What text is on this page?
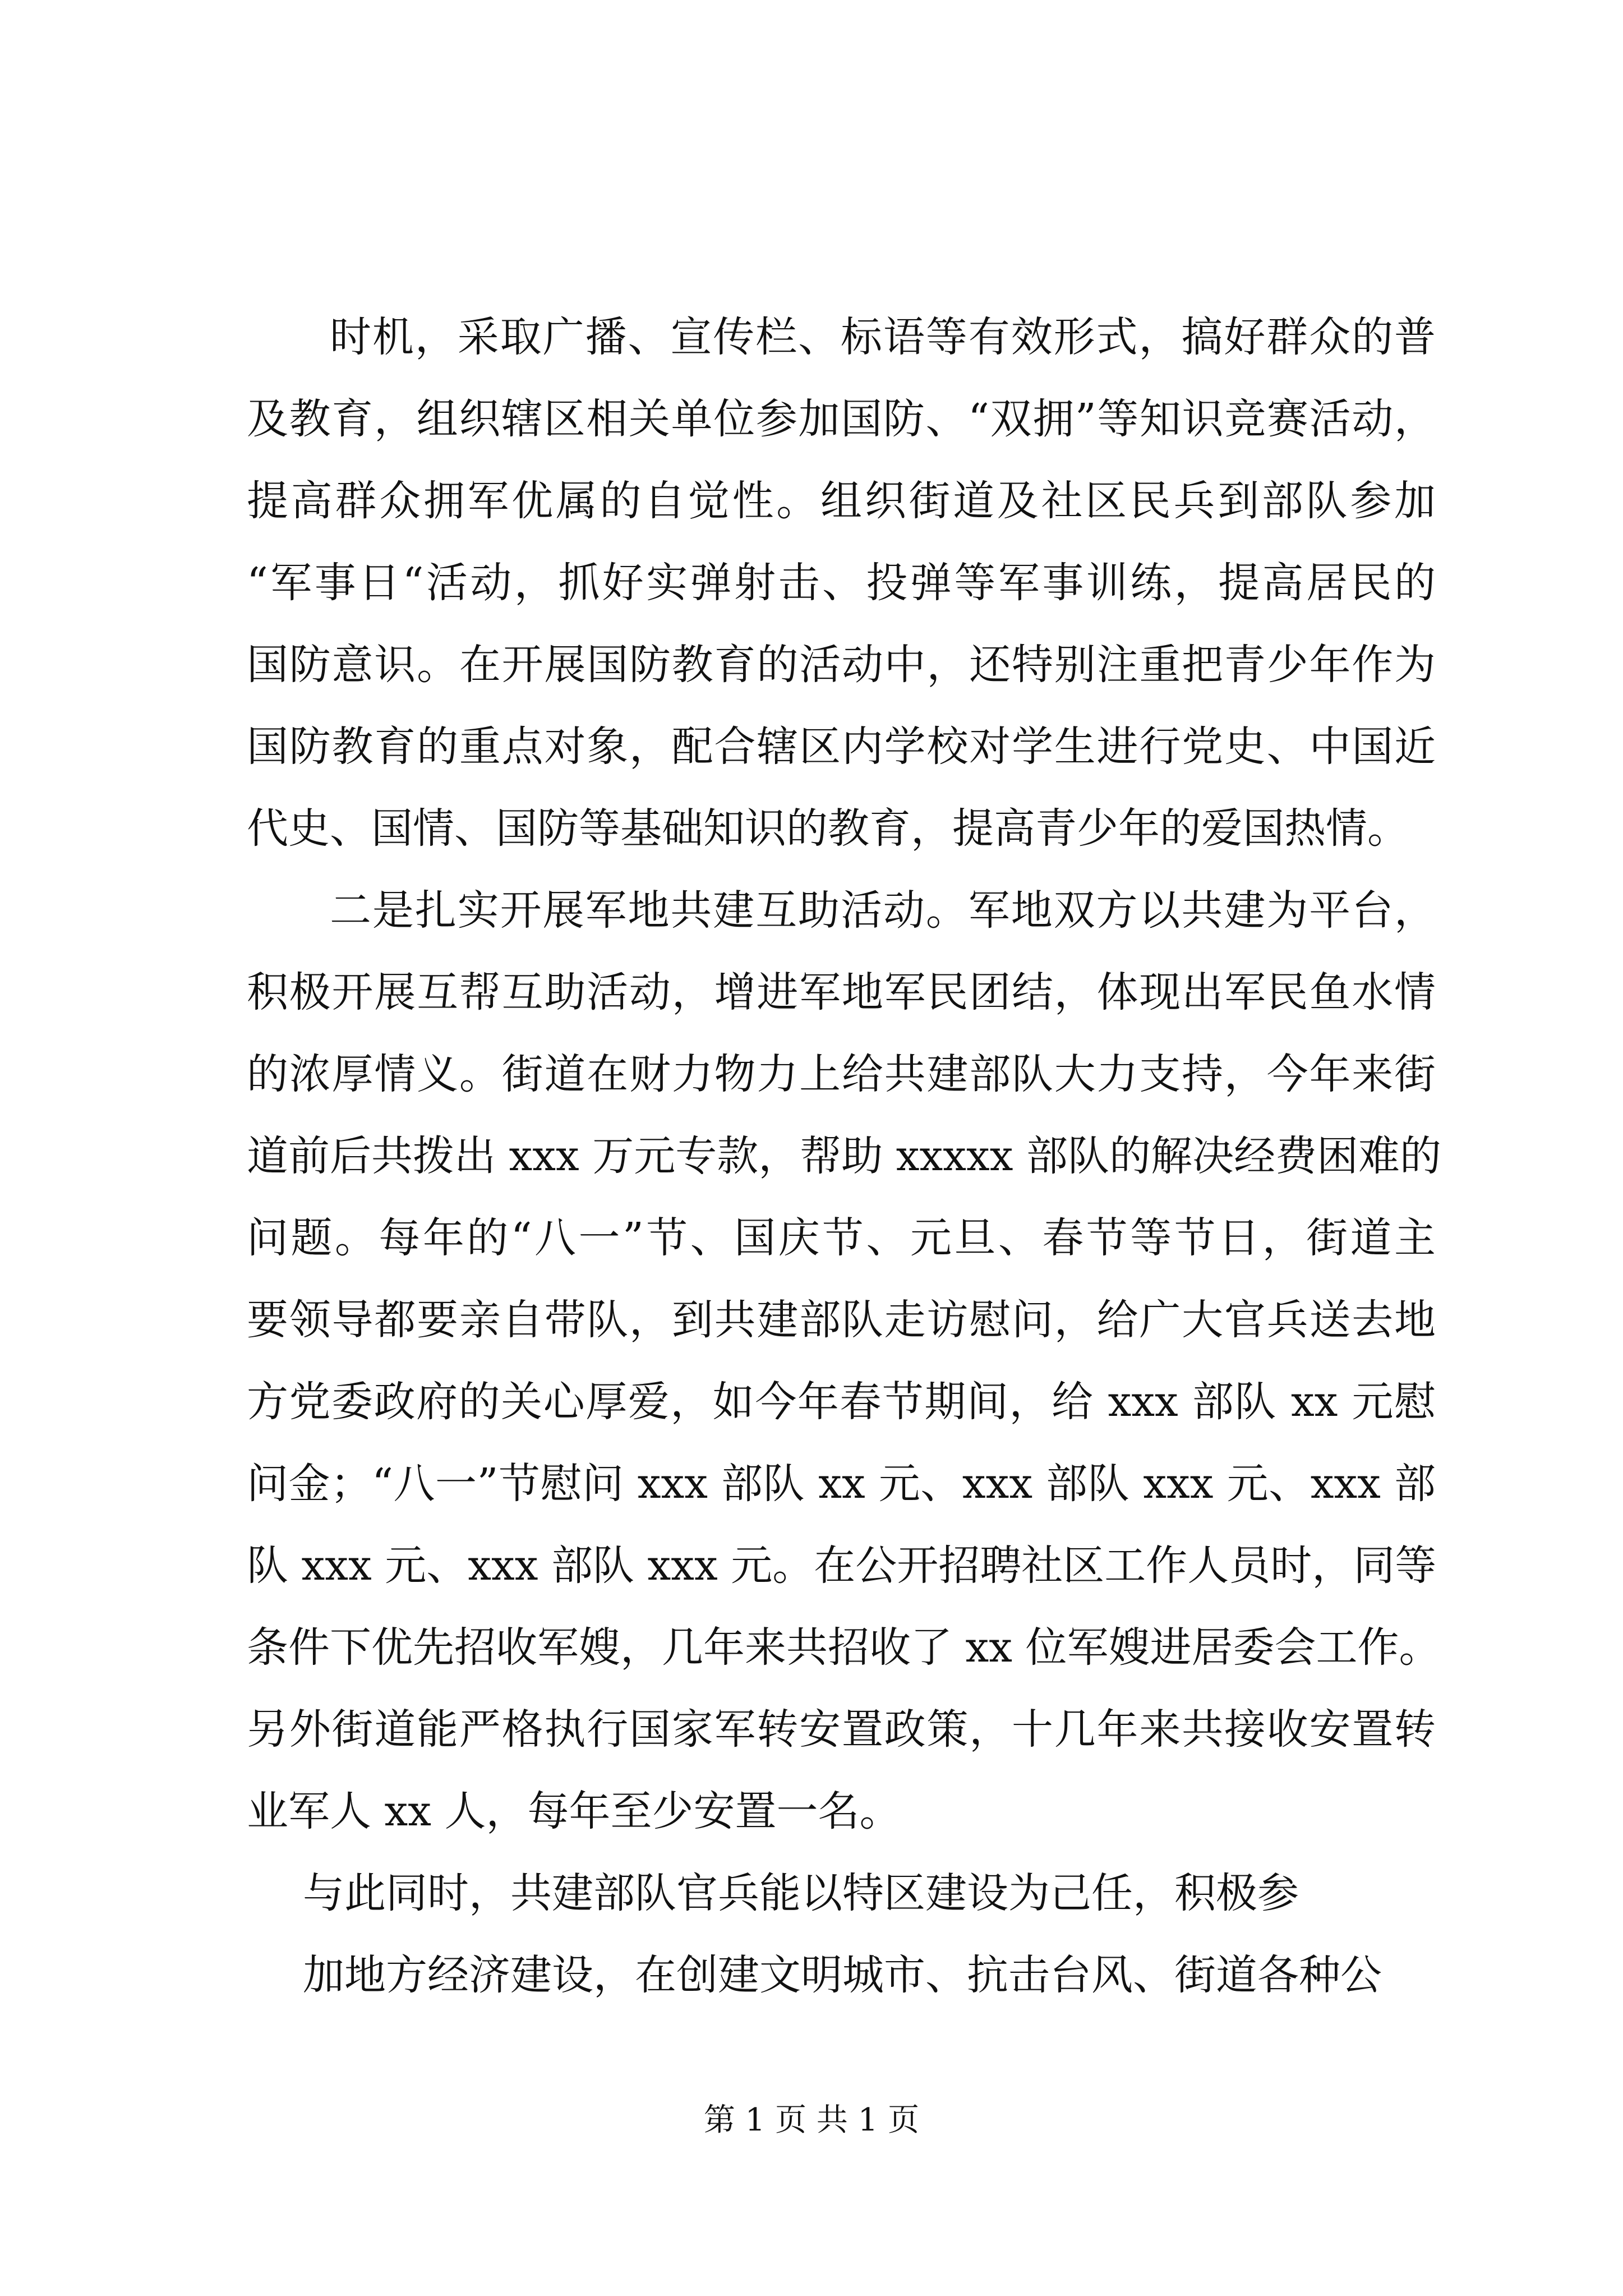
时机，采取广播、宣传栏、标语等有效形式，搞好群众的普
及教育，组织辖区相关单位参加国防、“双拥”等知识竞赛活动，
提高群众拥军优属的自觉性。组织街道及社区民兵到部队参加
“军事日“活动，抓好实弹射击、投弹等军事训练，提高居民的
国防意识。在开展国防教育的活动中，还特别注重把青少年作为
国防教育的重点对象，配合辖区内学校对学生进行党史、中国近
代史、国情、国防等基础知识的教育，提高青少年的爱国热情。
二是扎实开展军地共建互助活动。军地双方以共建为平台，
积极开展互帮互助活动，增进军地军民团结，体现出军民鱼水情
的浓厚情义。街道在财力物力上给共建部队大力支持，今年来街
道前后共拨出 xxx 万元专款，帮助 xxxxx 部队的解决经费困难的
问题。每年的“八一”节、国庆节、元旦、春节等节日，街道主
要领导都要亲自带队，到共建部队走访慰问，给广大官兵送去地
方党委政府的关心厚爱，如今年春节期间，给 xxx 部队 xx 元慰
问金；“八一”节慰问 xxx 部队 xx 元、xxx 部队 xxx 元、xxx 部
队 xxx 元、xxx 部队 xxx 元。在公开招聘社区工作人员时，同等
条件下优先招收军嫂，几年来共招收了 xx 位军嫂进居委会工作。
另外街道能严格执行国家军转安置政策，十几年来共接收安置转
业军人 xx 人，每年至少安置一名。
与此同时，共建部队官兵能以特区建设为己任，积极参
加地方经济建设，在创建文明城市、抗击台风、街道各种公
第 1 页 共 1 页
